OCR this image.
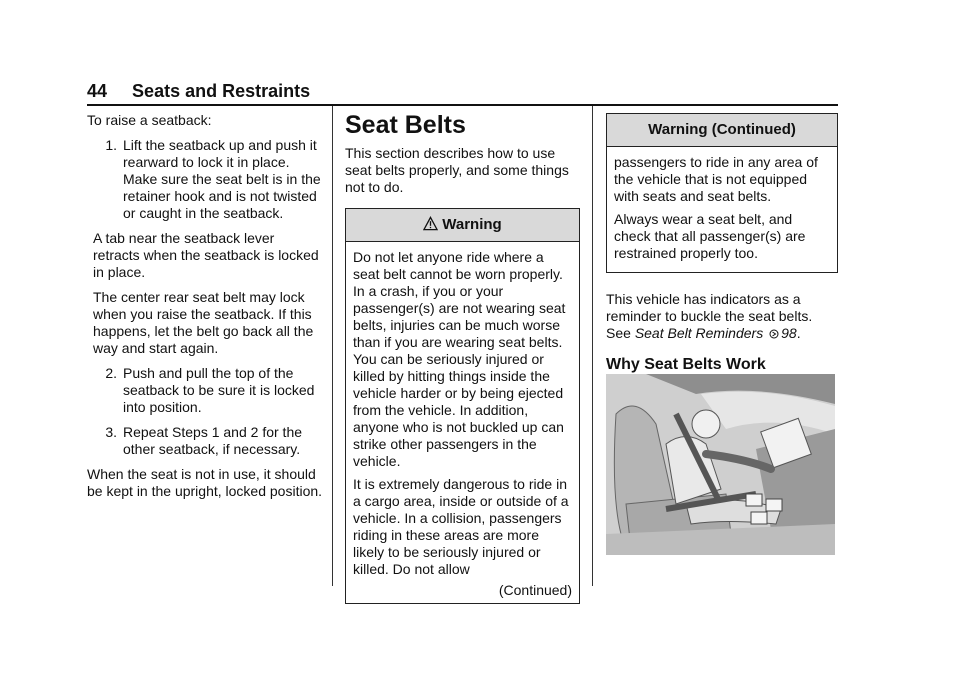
44 Seats and Restraints

To raise a seatback:

1. Lift the seatback up and push it rearward to lock it in place. Make sure the seat belt is in the retainer hook and is not twisted or caught in the seatback.

A tab near the seatback lever retracts when the seatback is locked in place.

The center rear seat belt may lock when you raise the seatback. If this happens, let the belt go back all the way and start again.

2. Push and pull the top of the seatback to be sure it is locked into position.
3. Repeat Steps 1 and 2 for the other seatback, if necessary.

When the seat is not in use, it should be kept in the upright, locked position.

Seat Belts

This section describes how to use seat belts properly, and some things not to do.

Warning

Do not let anyone ride where a seat belt cannot be worn properly. In a crash, if you or your passenger(s) are not wearing seat belts, injuries can be much worse than if you are wearing seat belts. You can be seriously injured or killed by hitting things inside the vehicle harder or by being ejected from the vehicle. In addition, anyone who is not buckled up can strike other passengers in the vehicle.

It is extremely dangerous to ride in a cargo area, inside or outside of a vehicle. In a collision, passengers riding in these areas are more likely to be seriously injured or killed. Do not allow

(Continued)
Warning (Continued)

passengers to ride in any area of the vehicle that is not equipped with seats and seat belts.

Always wear a seat belt, and check that all passenger(s) are restrained properly too.

This vehicle has indicators as a reminder to buckle the seat belts. See Seat Belt Reminders 98.

Why Seat Belts Work
